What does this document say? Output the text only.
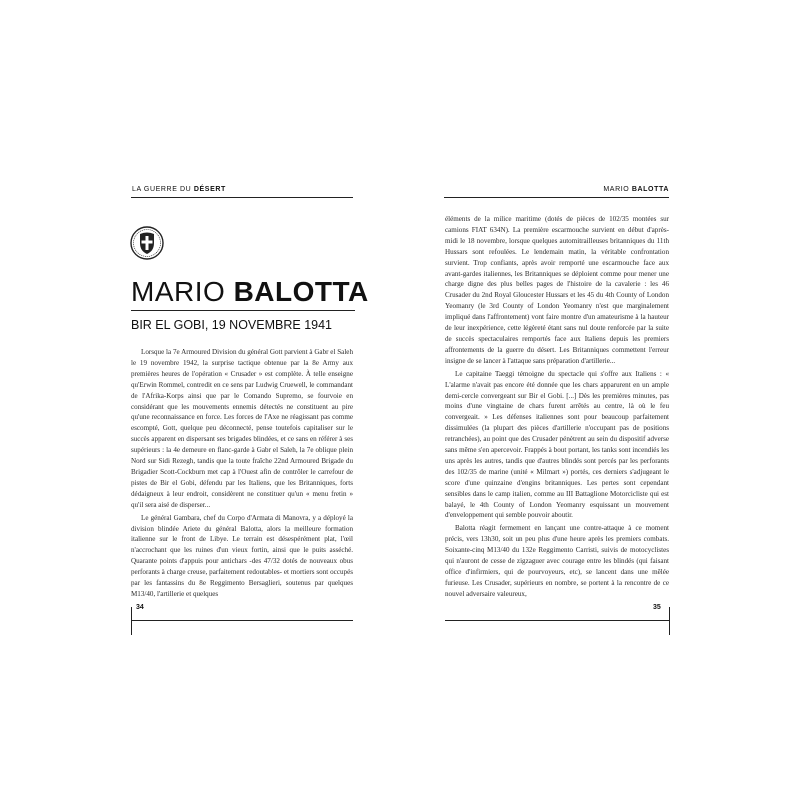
LA GUERRE DU DÉSERT
MARIO BALOTTA
BIR EL GOBI, 19 NOVEMBRE 1941

Lorsque la 7e Armoured Division du général Gott parvient à Gabr el Saleh le 19 novembre 1942, la surprise tactique obtenue par la 8e Army aux premières heures de l'opération « Crusader » est complète. À telle enseigne qu'Erwin Rommel, contredit en ce sens par Ludwig Cruewell, le commandant de l'Afrika-Korps ainsi que par le Comando Supremo, se fourvoie en considérant que les mouvements ennemis détectés ne constituent au pire qu'une reconnaissance en force. Les forces de l'Axe ne réagissant pas comme escompté, Gott, quelque peu déconnecté, pense toutefois capitaliser sur le succès apparent en dispersant ses brigades blindées, et ce sans en référer à ses supérieurs : la 4e demeure en flanc-garde à Gabr el Saleh, la 7e oblique plein Nord sur Sidi Rezegh, tandis que la toute fraîche 22nd Armoured Brigade du Brigadier Scott-Cockburn met cap à l'Ouest afin de contrôler le carrefour de pistes de Bir el Gobi, défendu par les Italiens, que les Britanniques, forts dédaigneux à leur endroit, considèrent ne constituer qu'un « menu fretin » qu'il sera aisé de disperser...

Le général Gambara, chef du Corpo d'Armata di Manovra, y a déployé la division blindée Ariete du général Balotta, alors la meilleure formation italienne sur le front de Libye. Le terrain est désespérément plat, l'œil n'accrochant que les ruines d'un vieux fortin, ainsi que le puits asséché. Quarante points d'appuis pour antichars -des 47/32 dotés de nouveaux obus perforants à charge creuse, parfaitement redoutables- et mortiers sont occupés par les fantassins du 8e Reggimento Bersaglieri, soutenus par quelques M13/40, l'artillerie et quelques

34
MARIO BALOTTA

éléments de la milice maritime (dotés de pièces de 102/35 montées sur camions FIAT 634N). La première escarmouche survient en début d'après-midi le 18 novembre, lorsque quelques automitrailleuses britanniques du 11th Hussars sont refoulées. Le lendemain matin, la véritable confrontation survient. Trop confiants, après avoir remporté une escarmouche face aux avant-gardes italiennes, les Britanniques se déploient comme pour mener une charge digne des plus belles pages de l'histoire de la cavalerie : les 46 Crusader du 2nd Royal Gloucester Hussars et les 45 du 4th County of London Yeomanry (le 3rd County of London Yeomanry n'est que marginalement impliqué dans l'affrontement) vont faire montre d'un amateurisme à la hauteur de leur inexpérience, cette légèreté étant sans nul doute renforcée par la suite de succès spectaculaires remportés face aux Italiens depuis les premiers affrontements de la guerre du désert. Les Britanniques commettent l'erreur insigne de se lancer à l'attaque sans préparation d'artillerie...

Le capitaine Taeggi témoigne du spectacle qui s'offre aux Italiens : « L'alarme n'avait pas encore été donnée que les chars apparurent en un ample demi-cercle convergeant sur Bir el Gobi. [...] Dès les premières minutes, pas moins d'une vingtaine de chars furent arrêtés au centre, là où le feu convergeait. » Les défenses italiennes sont pour beaucoup parfaitement dissimulées (la plupart des pièces d'artillerie n'occupant pas de positions retranchées), au point que des Crusader pénètrent au sein du dispositif adverse sans même s'en apercevoir. Frappés à bout portant, les tanks sont incendiés les uns après les autres, tandis que d'autres blindés sont percés par les perforants des 102/35 de marine (unité « Milmart ») portés, ces derniers s'adjugeant le score d'une quinzaine d'engins britanniques. Les pertes sont cependant sensibles dans le camp italien, comme au III Battaglione Motorcicliste qui est balayé, le 4th County of London Yeomanry esquissant un mouvement d'enveloppement qui semble pouvoir aboutir.

Balotta réagit fermement en lançant une contre-attaque à ce moment précis, vers 13h30, soit un peu plus d'une heure après les premiers combats. Soixante-cinq M13/40 du 132e Reggimento Carristi, suivis de motocyclistes qui n'auront de cesse de zigzaguer avec courage entre les blindés (qui faisant office d'infirmiers, qui de pourvoyeurs, etc), se lancent dans une mêlée furieuse. Les Crusader, supérieurs en nombre, se portent à la rencontre de ce nouvel adversaire valeureux,

35
